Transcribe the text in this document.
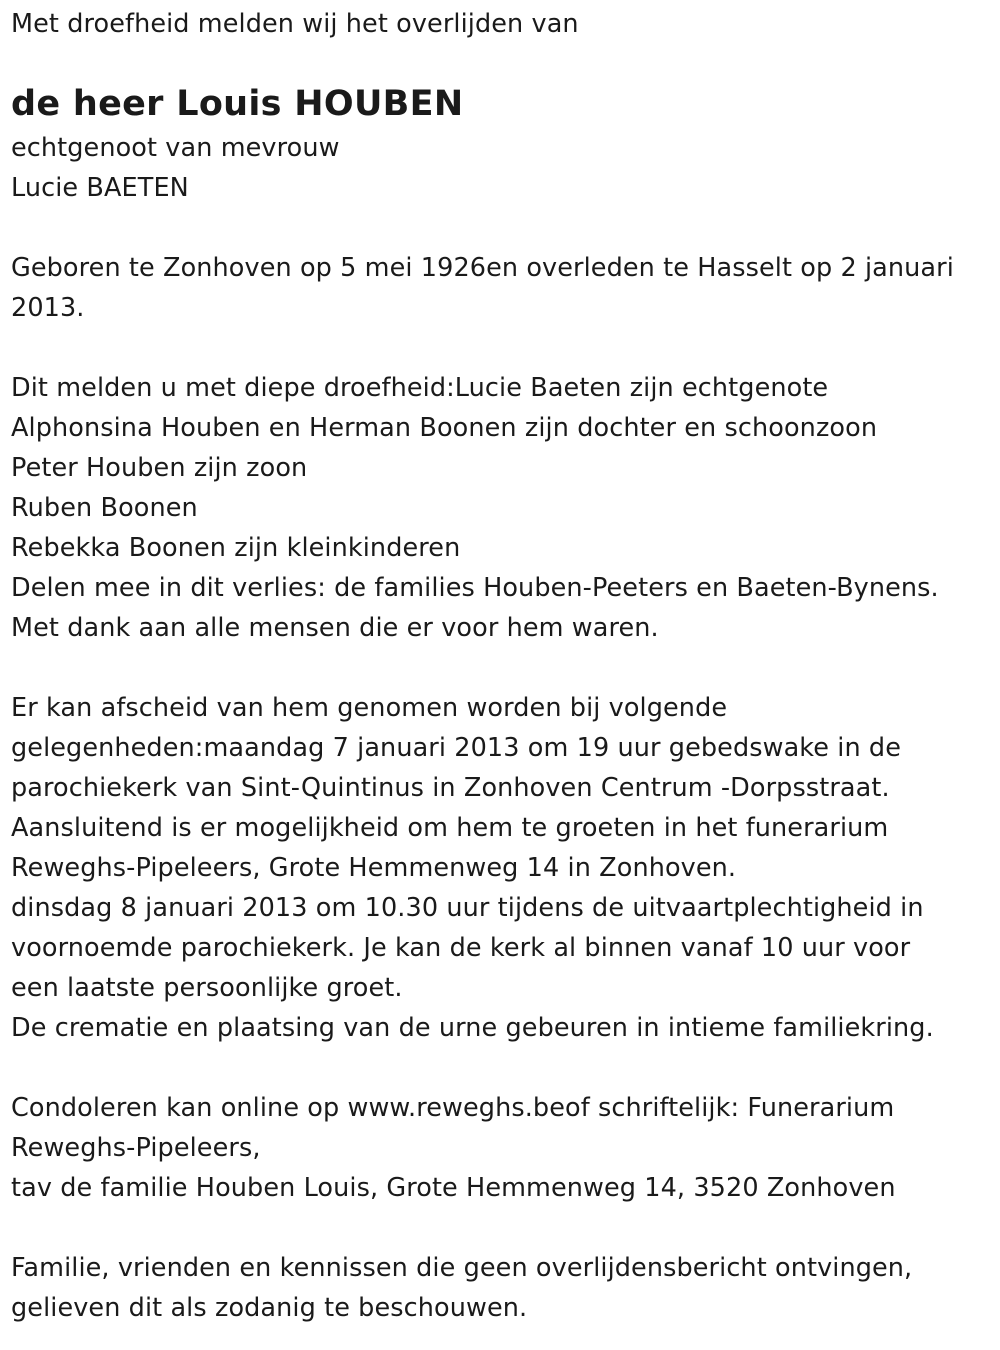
Met droefheid melden wij het overlijden van
de heer Louis HOUBEN
echtgenoot van mevrouw
Lucie BAETEN
Geboren te Zonhoven op 5 mei 1926en overleden te Hasselt op 2 januari
2013.
Dit melden u met diepe droefheid:Lucie Baeten zijn echtgenote
Alphonsina Houben en Herman Boonen zijn dochter en schoonzoon
Peter Houben zijn zoon
Ruben Boonen
Rebekka Boonen zijn kleinkinderen
Delen mee in dit verlies: de families Houben-Peeters en Baeten-Bynens.
Met dank aan alle mensen die er voor hem waren.
Er kan afscheid van hem genomen worden bij volgende
gelegenheden:maandag 7 januari 2013 om 19 uur gebedswake in de
parochiekerk van Sint-Quintinus in Zonhoven Centrum -Dorpsstraat.
Aansluitend is er mogelijkheid om hem te groeten in het funerarium
Reweghs-Pipeleers, Grote Hemmenweg 14 in Zonhoven.
dinsdag 8 januari 2013 om 10.30 uur tijdens de uitvaartplechtigheid in
voornoemde parochiekerk. Je kan de kerk al binnen vanaf 10 uur voor
een laatste persoonlijke groet.
De crematie en plaatsing van de urne gebeuren in intieme familiekring.
Condoleren kan online op www.reweghs.beof schriftelijk: Funerarium
Reweghs-Pipeleers,
tav de familie Houben Louis, Grote Hemmenweg 14, 3520 Zonhoven
Familie, vrienden en kennissen die geen overlijdensbericht ontvingen,
gelieven dit als zodanig te beschouwen.
